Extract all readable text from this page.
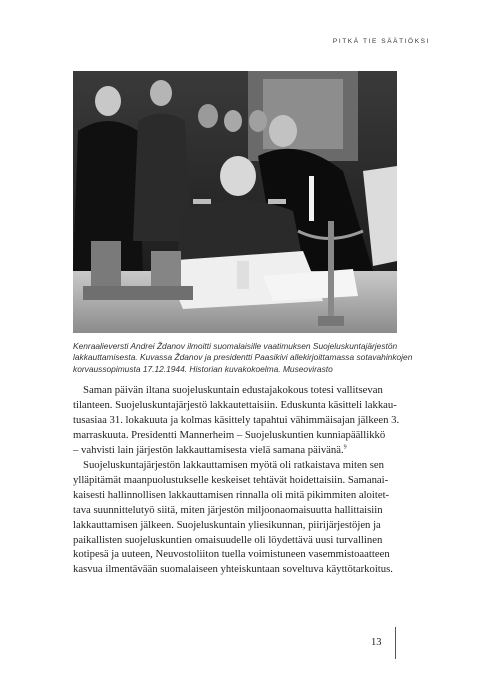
PITKÄ TIE SÄÄTIÖKSI
Kenraalieversti Andrei Ždanov ilmoitti suomalaisille vaatimuksen Suojeluskuntajärjestön
lakkauttamisesta. Kuvassa Ždanov ja presidentti Paasikivi allekirjoittamassa sotavahinkojen
korvaussopimusta 17.12.1944. Historian kuvakokoelma. Museovirasto
Saman päivän iltana suojeluskuntain edustajakokous totesi vallitsevan
tilanteen. Suojeluskuntajärjestö lakkautettaisiin. Eduskunta käsitteli lakkau-
tusasiaa 31. lokakuuta ja kolmas käsittely tapahtui vähimmäisajan jälkeen 3.
marraskuuta. Presidentti Mannerheim – Suojeluskuntien kunniapäällikkö
– vahvisti lain järjestön lakkauttamisesta vielä samana päivänä.$^9$
Suojeluskuntajärjestön lakkauttamisen myötä oli ratkaistava miten sen
ylläpitämät maanpuolustukselle keskeiset tehtävät hoidettaisiin. Samanai-
kaisesti hallinnollisen lakkauttamisen rinnalla oli mitä pikimmiten aloitet-
tava suunnittelutyö siitä, miten järjestön miljoonaomaisuutta hallittaisiin
lakkauttamisen jälkeen. Suojeluskuntain yliesikunnan, piirijärjestöjen ja
paikallisten suojeluskuntien omaisuudelle oli löydettävä uusi turvallinen
kotipesä ja uuteen, Neuvostoliiton tuella voimistuneen vasemmistoaatteen
kasvua ilmentävään suomalaiseen yhteiskuntaan soveltuva käyttötarkoitus.
13
